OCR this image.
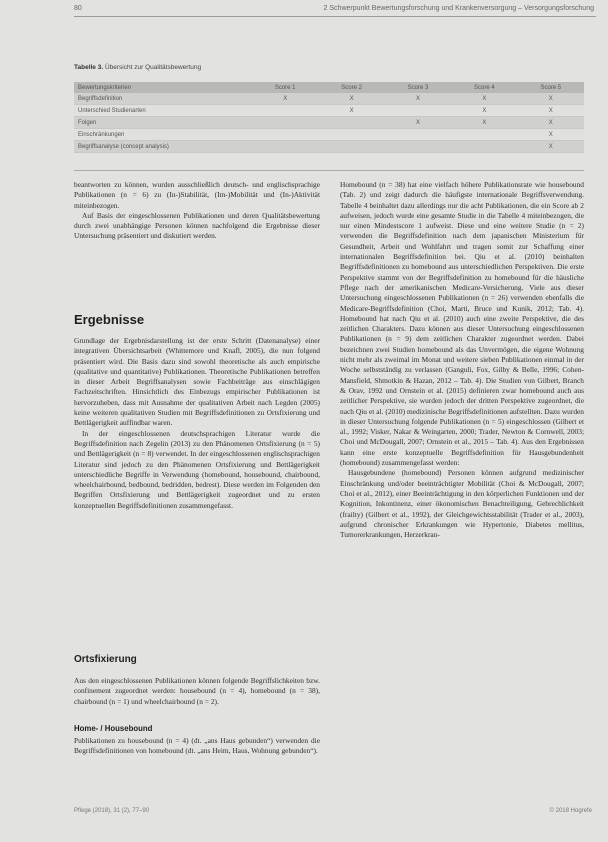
80	2 Schwerpunkt Bewertungsforschung und Krankenversorgung – Versorgungsforschung
Tabelle 3. Übersicht zur Qualitätsbewertung
Bewertungskriterien	Score 1	Score 2	Score 3	Score 4	Score 5
Begriffsdefinition	X	X	X	X	X
Unterschied Studienarten		X		X	X
Folgen			X	X	X
Einschränkungen					X
Begriffsanalyse (concept analysis)					X

beantworten zu können, wurden ausschließlich deutsch- und englischsprachige Publikationen (n = 6) zu (In-)Stabilität, (Im-)Mobilität und (In-)Aktivität miteinbezogen.

Auf Basis der eingeschlossenen Publikationen und deren Qualitätsbewertung durch zwei unabhängige Personen können nachfolgend die Ergebnisse dieser Untersuchung präsentiert und diskutiert werden.

Ergebnisse

Grundlage der Ergebnisdarstellung ist der erste Schritt (Datenanalyse) einer integrativen Übersichtsarbeit (Whittemore und Knafl, 2005), die nun folgend präsentiert wird. Die Basis dazu sind sowohl theoretische als auch empirische (qualitative und quantitative) Publikationen. Theoretische Publikationen betreffen in dieser Arbeit Begriffsanalysen sowie Fachbeiträge aus einschlägigen Fachzeitschriften. Hinsichtlich des Einbezugs empirischer Publikationen ist hervorzuheben, dass mit Ausnahme der qualitativen Arbeit nach Legden (2005) keine weiteren qualitativen Studien mit Begriffsdefinitionen zu Ortsfixierung und Bettlägerigkeit auffindbar waren.

In der eingeschlossenen deutschsprachigen Literatur wurde die Begriffsdefinition nach Zegelin (2013) zu den Phänomenen Ortsfixierung (n = 5) und Bettlägerigkeit (n = 8) verwendet. In der eingeschlossenen englischsprachigen Literatur sind jedoch zu den Phänomenen Ortsfixierung und Bettlägerigkeit unterschiedliche Begriffe in Verwendung (homebound, housebound, chairbound, wheelchairbound, bedbound, bedridden, bedrest). Diese werden im Folgenden den Begriffen Ortsfixierung und Bettlägerigkeit zugeordnet und zu ersten konzeptuellen Begriffsdefinitionen zusammengefasst.

Ortsfixierung

Aus den eingeschlossenen Publikationen können folgende Begriffslichkeiten bzw. confinement zugeordnet werden: housebound (n = 4), homebound (n = 38), chairbound (n = 1) und wheelchairbound (n = 2).

Home- / Housebound

Publikationen zu housebound (n = 4) (dt. „ans Haus gebunden“) verwenden die Begriffsdefinitionen von homebound (dt. „ans Heim, Haus, Wohnung gebunden“).

Homebound (n = 38) hat eine vielfach höhere Publikationsrate wie housebound (Tab. 2) und zeigt dadurch die häufigste internationale Begriffsverwendung. Tabelle 4 beinhaltet dazu allerdings nur die acht Publikationen, die ein Score ab 2 aufweisen, jedoch wurde eine gesamte Studie in die Tabelle 4 miteinbezogen, die nur einen Mindestscore 1 aufweist. Diese und eine weitere Studie (n = 2) verwenden die Begriffsdefinition nach dem japanischen Ministerium für Gesundheit, Arbeit und Wohlfahrt und tragen somit zur Schaffung einer internationalen Begriffsdefinition bei. Qiu et al. (2010) beinhalten Begriffsdefinitionen zu homebound aus unterschiedlichen Perspektiven. Die erste Perspektive stammt von der Begriffsdefinition zu homebound für die häusliche Pflege nach der amerikanischen Medicare-Versicherung. Viele aus dieser Untersuchung eingeschlossenen Publikationen (n = 26) verwenden ebenfalls die Medicare-Begriffsdefinition (Choi, Marti, Bruce und Kunik, 2012; Tab. 4). Homebound hat nach Qiu et al. (2010) auch eine zweite Perspektive, die des zeitlichen Charakters. Dazu können aus dieser Untersuchung eingeschlossenen Publikationen (n = 9) dem zeitlichen Charakter zugeordnet werden. Dabei bezeichnen zwei Studien homebound als das Unvermögen, die eigene Wohnung nicht mehr als zweimal im Monat und weitere sieben Publikationen einmal in der Woche selbstständig zu verlassen (Ganguli, Fox, Gilby & Belle, 1996; Cohen-Mansfield, Shmotkin & Hazan, 2012 – Tab. 4). Die Studien von Gilbert, Branch & Orav, 1992 und Ornstein et al. (2015) definieren zwar homebound auch aus zeitlicher Perspektive, sie wurden jedoch der dritten Perspektive zugeordnet, die nach Qiu et al. (2010) medizinische Begriffsdefinitionen aufstellten. Dazu wurden in dieser Untersuchung folgende Publikationen (n = 5) eingeschlossen (Gilbert et al., 1992; Visker, Nakar & Weingarten, 2000; Trader, Newton & Cornwell, 2003; Choi und McDougall, 2007; Ornstein et al., 2015 – Tab. 4). Aus den Ergebnissen kann eine erste konzeptuelle Begriffsdefinition für Hausgebundenheit (homebound) zusammengefasst werden:

Hausgebundene (homebound) Personen können aufgrund medizinischer Einschränkung und/oder beeinträchtigter Mobilität (Choi & McDougall, 2007; Choi et al., 2012), einer Beeinträchtigung in den körperlichen Funktionen und der Kognition, Inkontinenz, einer ökonomischen Benachteiligung, Gebrechlichkeit (frailty) (Gilbert et al., 1992), der Gleichgewichtsstabilität (Trader et al., 2003), aufgrund chronischer Erkrankungen wie Hypertonie, Diabetes mellitus, Tumorerkrankungen, Herzerkran-

Pflege (2018), 31 (2), 77–90	© 2018 Hogrefe
